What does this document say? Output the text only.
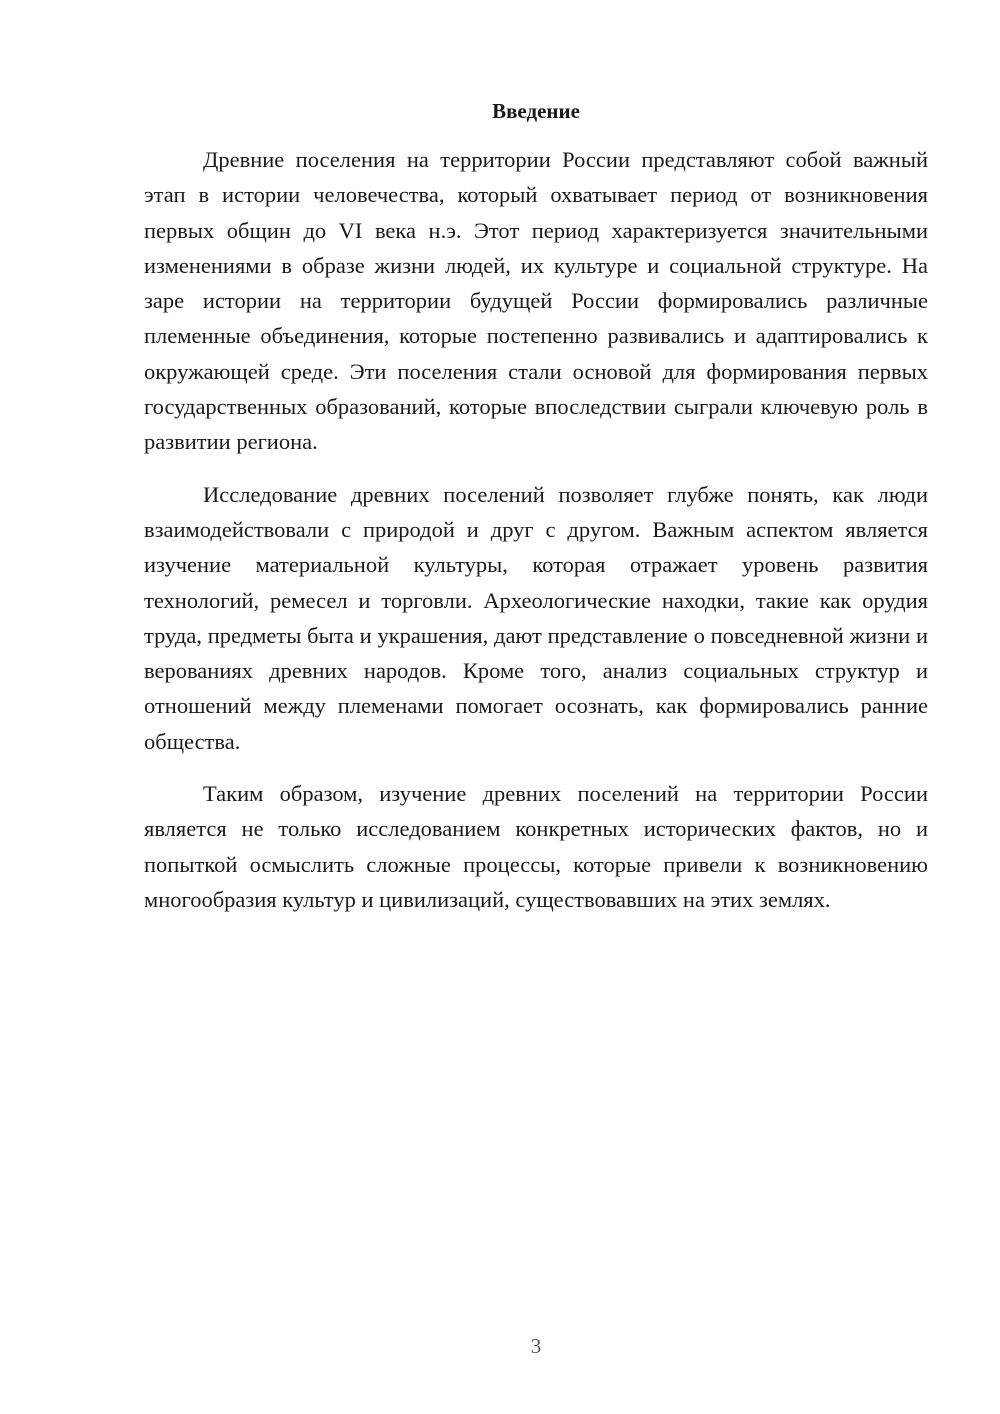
Введение

Древние поселения на территории России представляют собой важный этап в истории человечества, который охватывает период от возникновения первых общин до VI века н.э. Этот период характеризуется значительными изменениями в образе жизни людей, их культуре и социальной структуре. На заре истории на территории будущей России формировались различные племенные объединения, которые постепенно развивались и адаптировались к окружающей среде. Эти поселения стали основой для формирования первых государственных образований, которые впоследствии сыграли ключевую роль в развитии региона.

Исследование древних поселений позволяет глубже понять, как люди взаимодействовали с природой и друг с другом. Важным аспектом является изучение материальной культуры, которая отражает уровень развития технологий, ремесел и торговли. Археологические находки, такие как орудия труда, предметы быта и украшения, дают представление о повседневной жизни и верованиях древних народов. Кроме того, анализ социальных структур и отношений между племенами помогает осознать, как формировались ранние общества.

Таким образом, изучение древних поселений на территории России является не только исследованием конкретных исторических фактов, но и попыткой осмыслить сложные процессы, которые привели к возникновению многообразия культур и цивилизаций, существовавших на этих землях.

3
